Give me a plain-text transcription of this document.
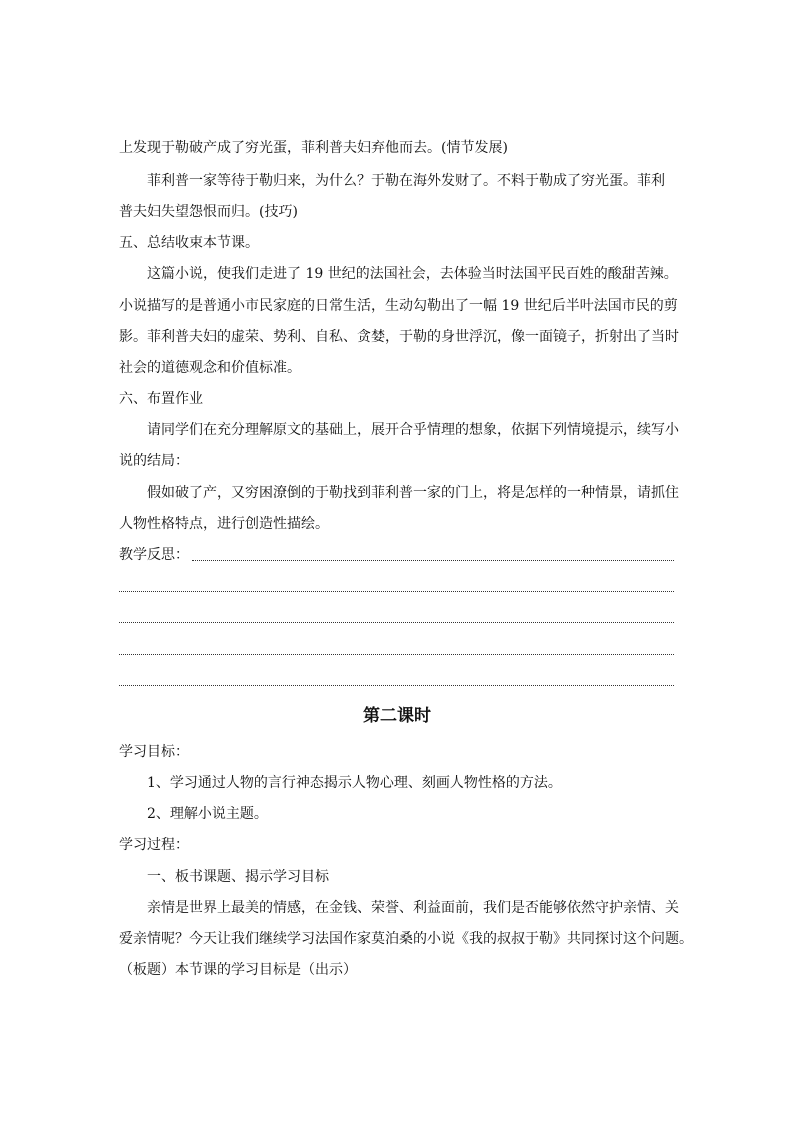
上发现于勒破产成了穷光蛋，菲利普夫妇弃他而去。(情节发展)
菲利普一家等待于勒归来，为什么？于勒在海外发财了。不料于勒成了穷光蛋。菲利
普夫妇失望怨恨而归。(技巧)
五、总结收束本节课。
这篇小说，使我们走进了 19 世纪的法国社会，去体验当时法国平民百姓的酸甜苦辣。
小说描写的是普通小市民家庭的日常生活，生动勾勒出了一幅 19 世纪后半叶法国市民的剪
影。菲利普夫妇的虚荣、势利、自私、贪婪，于勒的身世浮沉，像一面镜子，折射出了当时
社会的道德观念和价值标准。
六、布置作业
请同学们在充分理解原文的基础上，展开合乎情理的想象，依据下列情境提示，续写小
说的结局：
假如破了产，又穷困潦倒的于勒找到菲利普一家的门上，将是怎样的一种情景，请抓住
人物性格特点，进行创造性描绘。
教学反思：
第二课时
学习目标：
1、学习通过人物的言行神态揭示人物心理、刻画人物性格的方法。
2、理解小说主题。
学习过程：
一、板书课题、揭示学习目标
亲情是世界上最美的情感，在金钱、荣誉、利益面前，我们是否能够依然守护亲情、关
爱亲情呢？今天让我们继续学习法国作家莫泊桑的小说《我的叔叔于勒》共同探讨这个问题。
（板题）本节课的学习目标是（出示）
